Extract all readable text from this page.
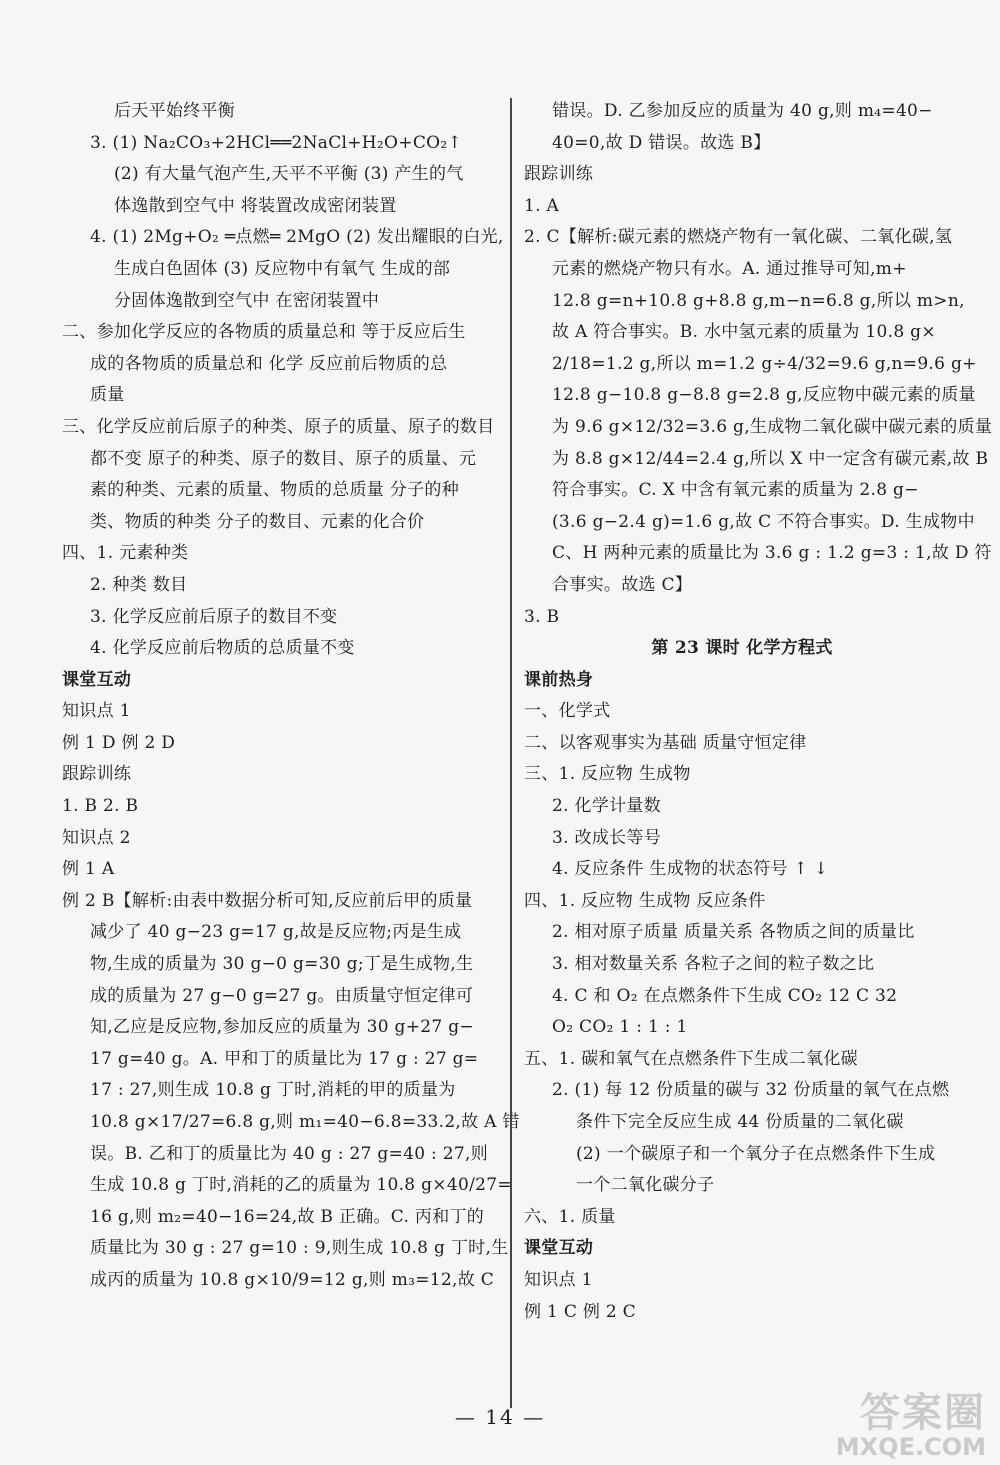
后天平始终平衡
3. (1) Na₂CO₃+2HCl══2NaCl+H₂O+CO₂↑
(2) 有大量气泡产生,天平不平衡 (3) 产生的气
体逸散到空气中 将装置改成密闭装置
4. (1) 2Mg+O₂ ═点燃═ 2MgO (2) 发出耀眼的白光,
生成白色固体 (3) 反应物中有氧气 生成的部
分固体逸散到空气中 在密闭装置中
二、参加化学反应的各物质的质量总和 等于反应后生
成的各物质的质量总和 化学 反应前后物质的总
质量
三、化学反应前后原子的种类、原子的质量、原子的数目
都不变 原子的种类、原子的数目、原子的质量、元
素的种类、元素的质量、物质的总质量 分子的种
类、物质的种类 分子的数目、元素的化合价
四、1. 元素种类
2. 种类 数目
3. 化学反应前后原子的数目不变
4. 化学反应前后物质的总质量不变
课堂互动
知识点 1
例 1 D 例 2 D
跟踪训练
1. B 2. B
知识点 2
例 1 A
例 2 B【解析:由表中数据分析可知,反应前后甲的质量
减少了 40 g−23 g=17 g,故是反应物;丙是生成
物,生成的质量为 30 g−0 g=30 g;丁是生成物,生
成的质量为 27 g−0 g=27 g。由质量守恒定律可
知,乙应是反应物,参加反应的质量为 30 g+27 g−
17 g=40 g。A. 甲和丁的质量比为 17 g : 27 g=
17 : 27,则生成 10.8 g 丁时,消耗的甲的质量为
10.8 g×17/27=6.8 g,则 m₁=40−6.8=33.2,故 A 错
误。B. 乙和丁的质量比为 40 g : 27 g=40 : 27,则
生成 10.8 g 丁时,消耗的乙的质量为 10.8 g×40/27=
16 g,则 m₂=40−16=24,故 B 正确。C. 丙和丁的
质量比为 30 g : 27 g=10 : 9,则生成 10.8 g 丁时,生
成丙的质量为 10.8 g×10/9=12 g,则 m₃=12,故 C
错误。D. 乙参加反应的质量为 40 g,则 m₄=40−
40=0,故 D 错误。故选 B】
跟踪训练
1. A
2. C【解析:碳元素的燃烧产物有一氧化碳、二氧化碳,氢
元素的燃烧产物只有水。A. 通过推导可知,m+
12.8 g=n+10.8 g+8.8 g,m−n=6.8 g,所以 m>n,
故 A 符合事实。B. 水中氢元素的质量为 10.8 g×
2/18=1.2 g,所以 m=1.2 g÷4/32=9.6 g,n=9.6 g+
12.8 g−10.8 g−8.8 g=2.8 g,反应物中碳元素的质量
为 9.6 g×12/32=3.6 g,生成物二氧化碳中碳元素的质量
为 8.8 g×12/44=2.4 g,所以 X 中一定含有碳元素,故 B
符合事实。C. X 中含有氧元素的质量为 2.8 g−
(3.6 g−2.4 g)=1.6 g,故 C 不符合事实。D. 生成物中
C、H 两种元素的质量比为 3.6 g : 1.2 g=3 : 1,故 D 符
合事实。故选 C】
3. B
第 23 课时 化学方程式
课前热身
一、化学式
二、以客观事实为基础 质量守恒定律
三、1. 反应物 生成物
2. 化学计量数
3. 改成长等号
4. 反应条件 生成物的状态符号 ↑ ↓
四、1. 反应物 生成物 反应条件
2. 相对原子质量 质量关系 各物质之间的质量比
3. 相对数量关系 各粒子之间的粒子数之比
4. C 和 O₂ 在点燃条件下生成 CO₂ 12 C 32
O₂ CO₂ 1 : 1 : 1
五、1. 碳和氧气在点燃条件下生成二氧化碳
2. (1) 每 12 份质量的碳与 32 份质量的氧气在点燃
条件下完全反应生成 44 份质量的二氧化碳
(2) 一个碳原子和一个氧分子在点燃条件下生成
一个二氧化碳分子
六、1. 质量
课堂互动
知识点 1
例 1 C 例 2 C
— 14 —	答案圈
MXQE.COM
